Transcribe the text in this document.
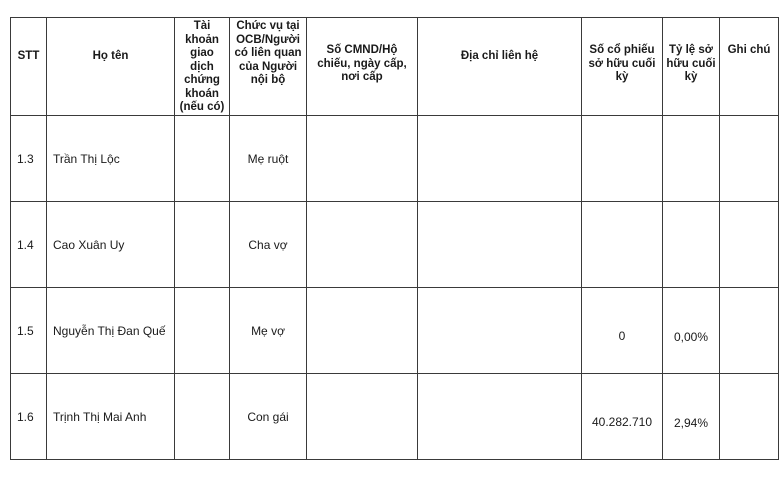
STT	Họ tên	Tài khoản giao dịch chứng khoán (nếu có)	Chức vụ tại OCB/Người có liên quan của Người nội bộ	Số CMND/Hộ chiếu, ngày cấp, nơi cấp	Địa chỉ liên hệ	Số cổ phiếu sở hữu cuối kỳ	Tỷ lệ sở hữu cuối kỳ	Ghi chú
1.3	Trần Thị Lộc		Mẹ ruột					
1.4	Cao Xuân Uy		Cha vợ					
1.5	Nguyễn Thị Đan Quế		Mẹ vợ			0	0,00%	
1.6	Trịnh Thị Mai Anh		Con gái			40.282.710	2,94%	
